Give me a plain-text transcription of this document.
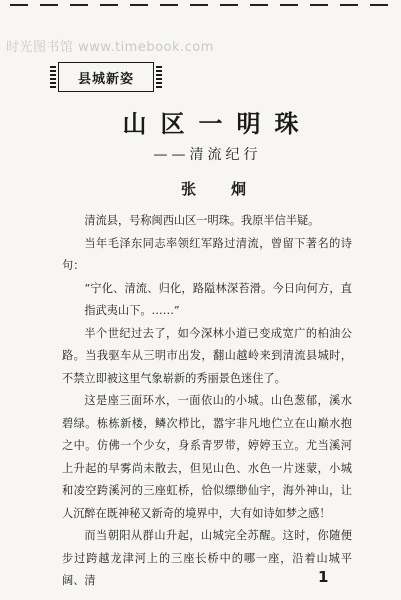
时光图书馆 www.timebook.com
县城新姿
山区一明珠
——清流纪行
张　炯

清流县，号称闽西山区一明珠。我原半信半疑。

当年毛泽东同志率领红军路过清流，曾留下著名的诗句：

“宁化、清流、归化，路隘林深苔滑。今日向何方，直指武夷山下。……”

半个世纪过去了，如今深林小道已变成宽广的柏油公路。当我驱车从三明市出发，翻山越岭来到清流县城时，不禁立即被这里气象崭新的秀丽景色迷住了。

这是座三面环水，一面依山的小城。山色葱郁，溪水碧绿。栋栋新楼，鳞次栉比，嚣宇非凡地伫立在山巅水抱之中。仿佛一个少女，身系青罗带，婷婷玉立。尤当溪河上升起的早雾尚未散去，但见山色、水色一片迷蒙，小城和凌空跨溪河的三座虹桥，恰似缥缈仙宇，海外神山，让人沉醉在既神秘又新奇的境界中，大有如诗如梦之感！

而当朝阳从群山升起，山城完全苏醒。这时，你随便步过跨越龙津河上的三座长桥中的哪一座，沿着山城平阔、清	1
